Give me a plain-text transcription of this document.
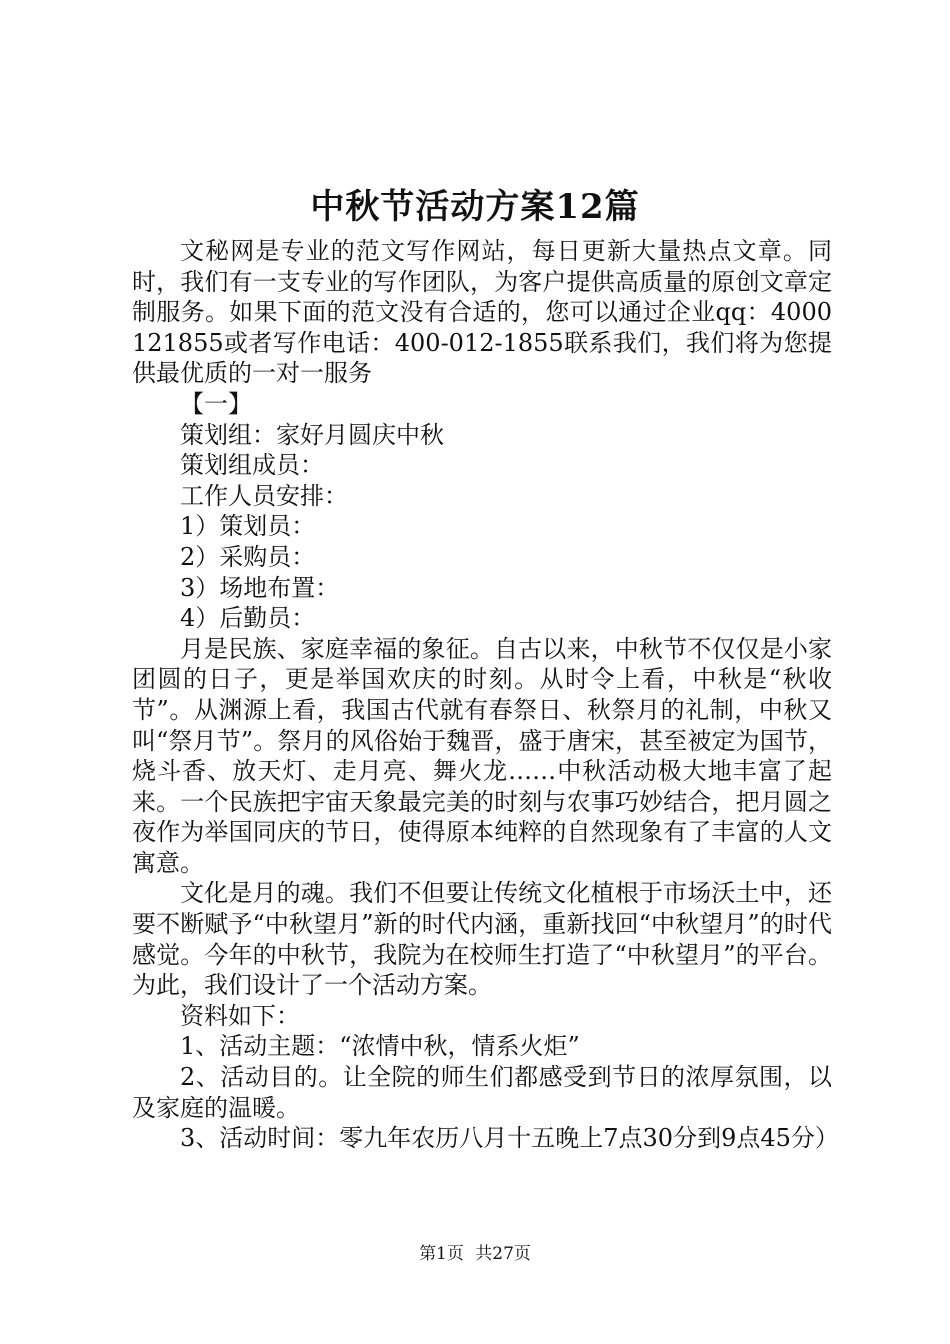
中秋节活动方案12篇

文秘网是专业的范文写作网站，每日更新大量热点文章。同时，我们有一支专业的写作团队，为客户提供高质量的原创文章定制服务。如果下面的范文没有合适的，您可以通过企业qq：4000121855或者写作电话：400-012-1855联系我们，我们将为您提供最优质的一对一服务

【一】

策划组：家好月圆庆中秋

策划组成员：

工作人员安排：

1）策划员：

2）采购员：

3）场地布置：

4）后勤员：

月是民族、家庭幸福的象征。自古以来，中秋节不仅仅是小家团圆的日子，更是举国欢庆的时刻。从时令上看，中秋是“秋收节”。从渊源上看，我国古代就有春祭日、秋祭月的礼制，中秋又叫“祭月节”。祭月的风俗始于魏晋，盛于唐宋，甚至被定为国节，烧斗香、放天灯、走月亮、舞火龙……中秋活动极大地丰富了起来。一个民族把宇宙天象最完美的时刻与农事巧妙结合，把月圆之夜作为举国同庆的节日，使得原本纯粹的自然现象有了丰富的人文寓意。

文化是月的魂。我们不但要让传统文化植根于市场沃土中，还要不断赋予“中秋望月”新的时代内涵，重新找回“中秋望月”的时代感觉。今年的中秋节，我院为在校师生打造了“中秋望月”的平台。为此，我们设计了一个活动方案。

资料如下：

1、活动主题：“浓情中秋，情系火炬”

2、活动目的。让全院的师生们都感受到节日的浓厚氛围，以及家庭的温暖。

3、活动时间：零九年农历八月十五晚上7点30分到9点45分）

第1页 共27页
